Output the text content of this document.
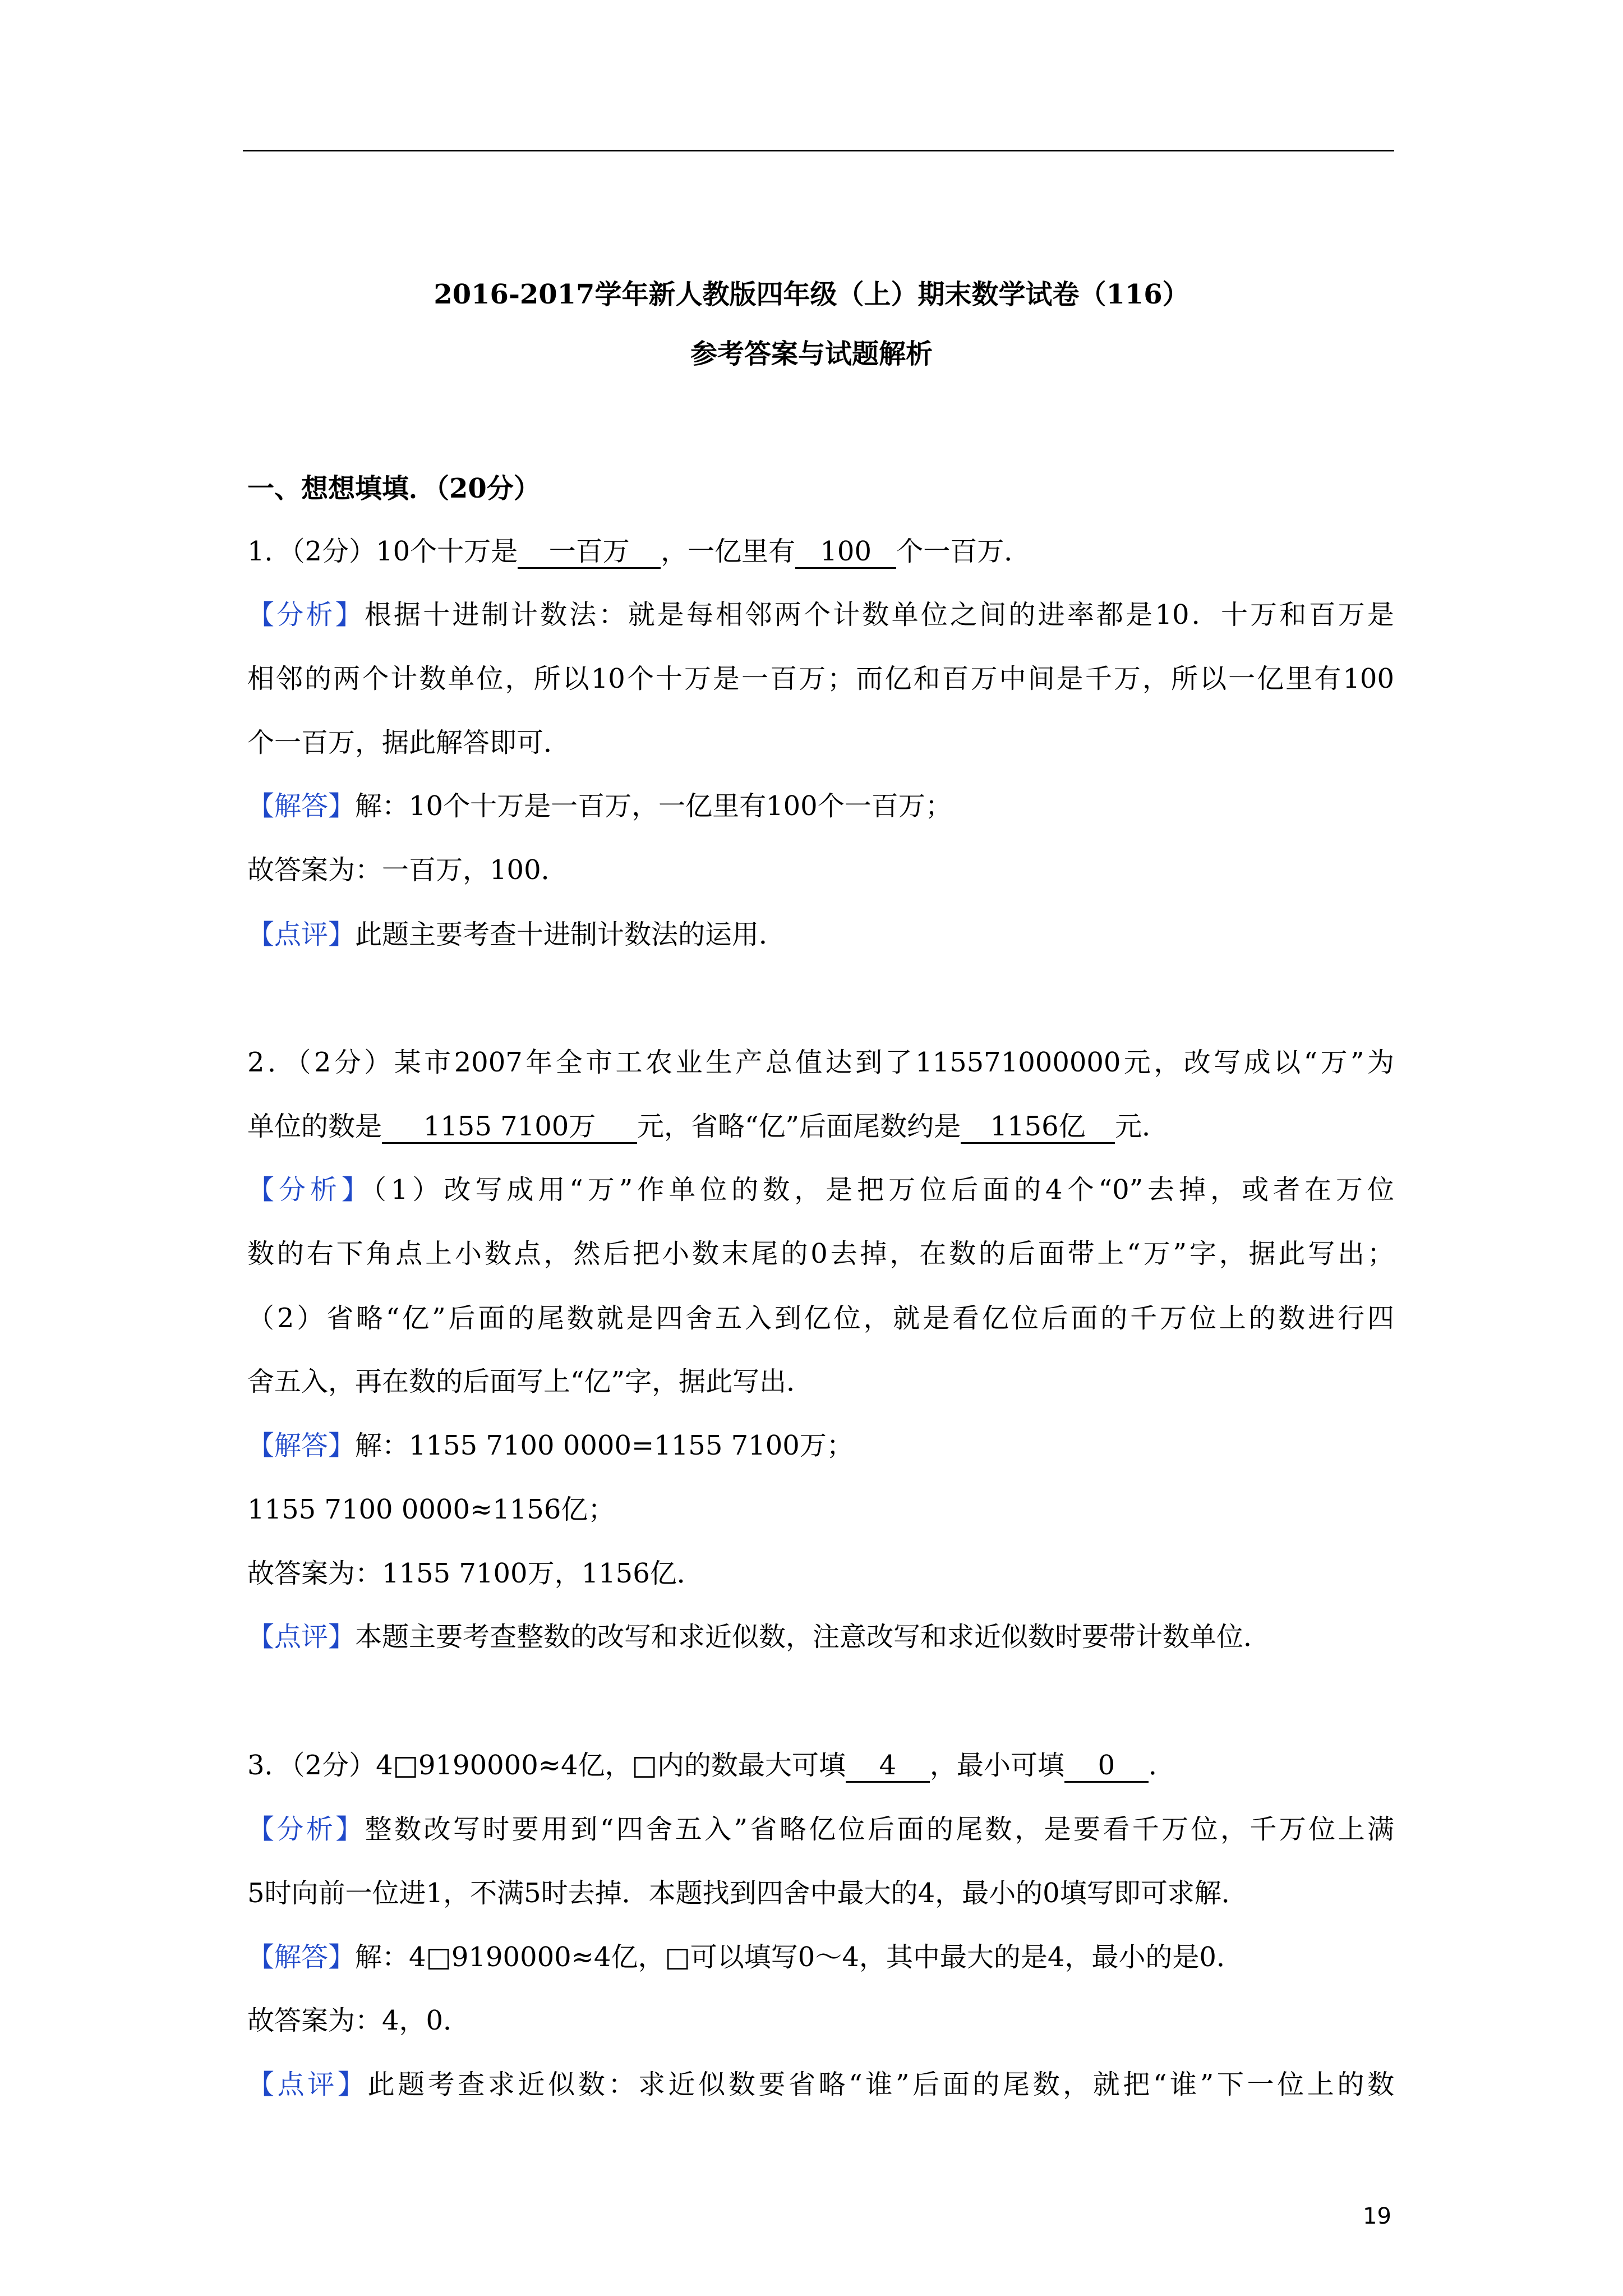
2016-2017学年新人教版四年级（上）期末数学试卷（116）
参考答案与试题解析
一、想想填填．（20分）
1．（2分）10个十万是 一百万 ，一亿里有 100 个一百万．
【分析】根据十进制计数法：就是每相邻两个计数单位之间的进率都是10．十万和百万是
相邻的两个计数单位，所以10个十万是一百万；而亿和百万中间是千万，所以一亿里有100
个一百万，据此解答即可．
【解答】解：10个十万是一百万，一亿里有100个一百万；
故答案为：一百万，100．
【点评】此题主要考查十进制计数法的运用．
2．（2分）某市2007年全市工农业生产总值达到了115571000000元，改写成以“万”为
单位的数是 1155 7100万 元，省略“亿”后面尾数约是 1156亿 元．
【分析】（1）改写成用“万”作单位的数，是把万位后面的4个“0”去掉，或者在万位
数的右下角点上小数点，然后把小数末尾的0去掉，在数的后面带上“万”字，据此写出；
（2）省略“亿”后面的尾数就是四舍五入到亿位，就是看亿位后面的千万位上的数进行四
舍五入，再在数的后面写上“亿”字，据此写出．
【解答】解：1155 7100 0000=1155 7100万；
1155 7100 0000≈1156亿；
故答案为：1155 7100万，1156亿．
【点评】本题主要考查整数的改写和求近似数，注意改写和求近似数时要带计数单位．
3．（2分）4□9190000≈4亿，□内的数最大可填 4 ，最小可填 0 ．
【分析】整数改写时要用到“四舍五入”省略亿位后面的尾数，是要看千万位，千万位上满
5时向前一位进1，不满5时去掉．本题找到四舍中最大的4，最小的0填写即可求解．
【解答】解：4□9190000≈4亿，□可以填写0～4，其中最大的是4，最小的是0．
故答案为：4，0．
【点评】此题考查求近似数：求近似数要省略“谁”后面的尾数，就把“谁”下一位上的数
19
